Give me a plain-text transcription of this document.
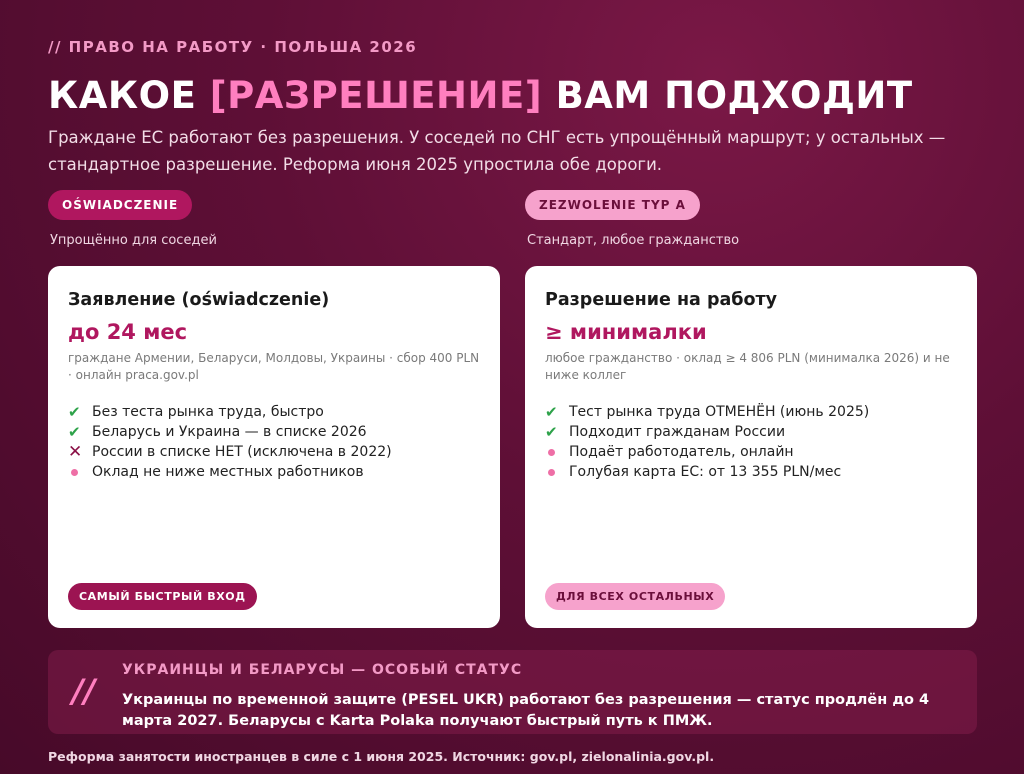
// ПРАВО НА РАБОТУ · ПОЛЬША 2026
КАКОЕ [РАЗРЕШЕНИЕ] ВАМ ПОДХОДИТ

Граждане ЕС работают без разрешения. У соседей по СНГ есть упрощённый маршрут; у остальных — стандартное разрешение. Реформа июня 2025 упростила обе дороги.

OŚWIADCZENIE	ZEZWOLENIE TYP A
Упрощённо для соседей	Стандарт, любое гражданство
Заявление (oświadczenie)
до 24 мес
граждане Армении, Беларуси, Молдовы, Украины · сбор 400 PLN · онлайн praca.gov.pl
✔ Без теста рынка труда, быстро
✔ Беларусь и Украина — в списке 2026
✕ России в списке НЕТ (исключена в 2022)
Оклад не ниже местных работников
САМЫЙ БЫСТРЫЙ ВХОД
Разрешение на работу
≥ минималки
любое гражданство · оклад ≥ 4 806 PLN (минималка 2026) и не ниже коллег
✔ Тест рынка труда ОТМЕНЁН (июнь 2025)
✔ Подходит гражданам России
Подаёт работодатель, онлайн
Голубая карта ЕС: от 13 355 PLN/мес
ДЛЯ ВСЕХ ОСТАЛЬНЫХ
//
УКРАИНЦЫ И БЕЛАРУСЫ — ОСОБЫЙ СТАТУС
Украинцы по временной защите (PESEL UKR) работают без разрешения — статус продлён до 4 марта 2027. Беларусы с Karta Polaka получают быстрый путь к ПМЖ.
Реформа занятости иностранцев в силе с 1 июня 2025. Источник: gov.pl, zielonalinia.gov.pl.
